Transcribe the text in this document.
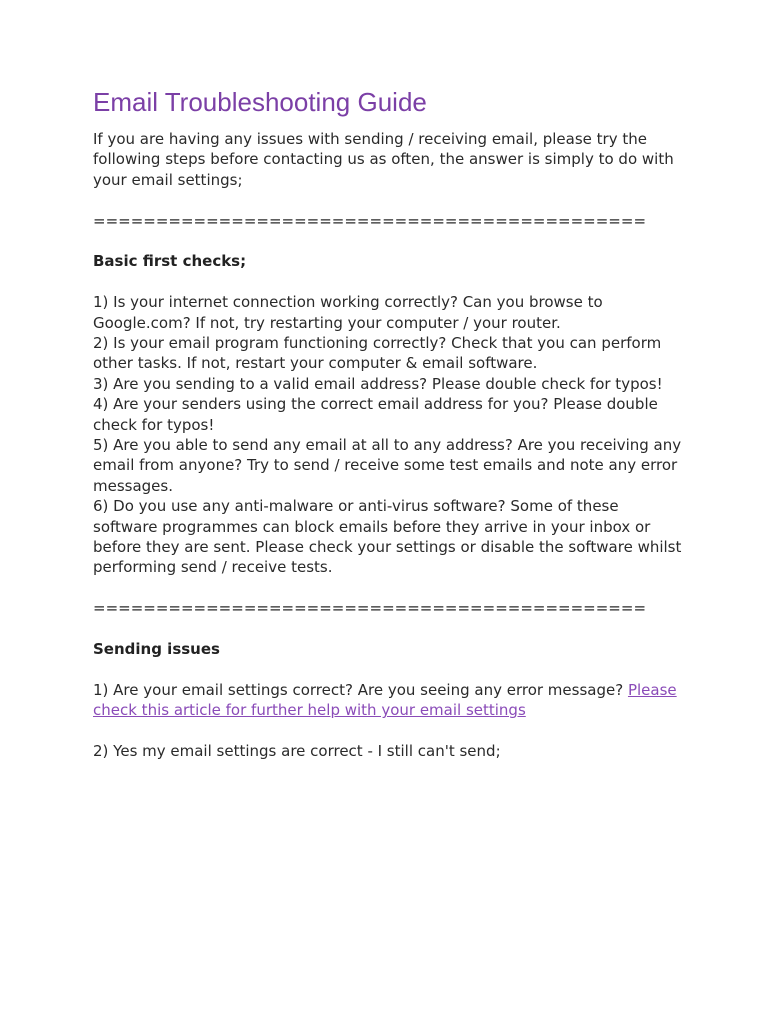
Email Troubleshooting Guide

If you are having any issues with sending / receiving email, please try the following steps before contacting us as often, the answer is simply to do with your email settings;

============================================

Basic first checks;

1) Is your internet connection working correctly? Can you browse to Google.com? If not, try restarting your computer / your router.

2) Is your email program functioning correctly? Check that you can perform other tasks. If not, restart your computer & email software.

3) Are you sending to a valid email address? Please double check for typos!

4) Are your senders using the correct email address for you? Please double check for typos!

5) Are you able to send any email at all to any address? Are you receiving any email from anyone? Try to send / receive some test emails and note any error messages.

6) Do you use any anti-malware or anti-virus software? Some of these software programmes can block emails before they arrive in your inbox or before they are sent. Please check your settings or disable the software whilst performing send / receive tests.

============================================

Sending issues

1) Are your email settings correct? Are you seeing any error message? Please check this article for further help with your email settings

2) Yes my email settings are correct - I still can't send;
